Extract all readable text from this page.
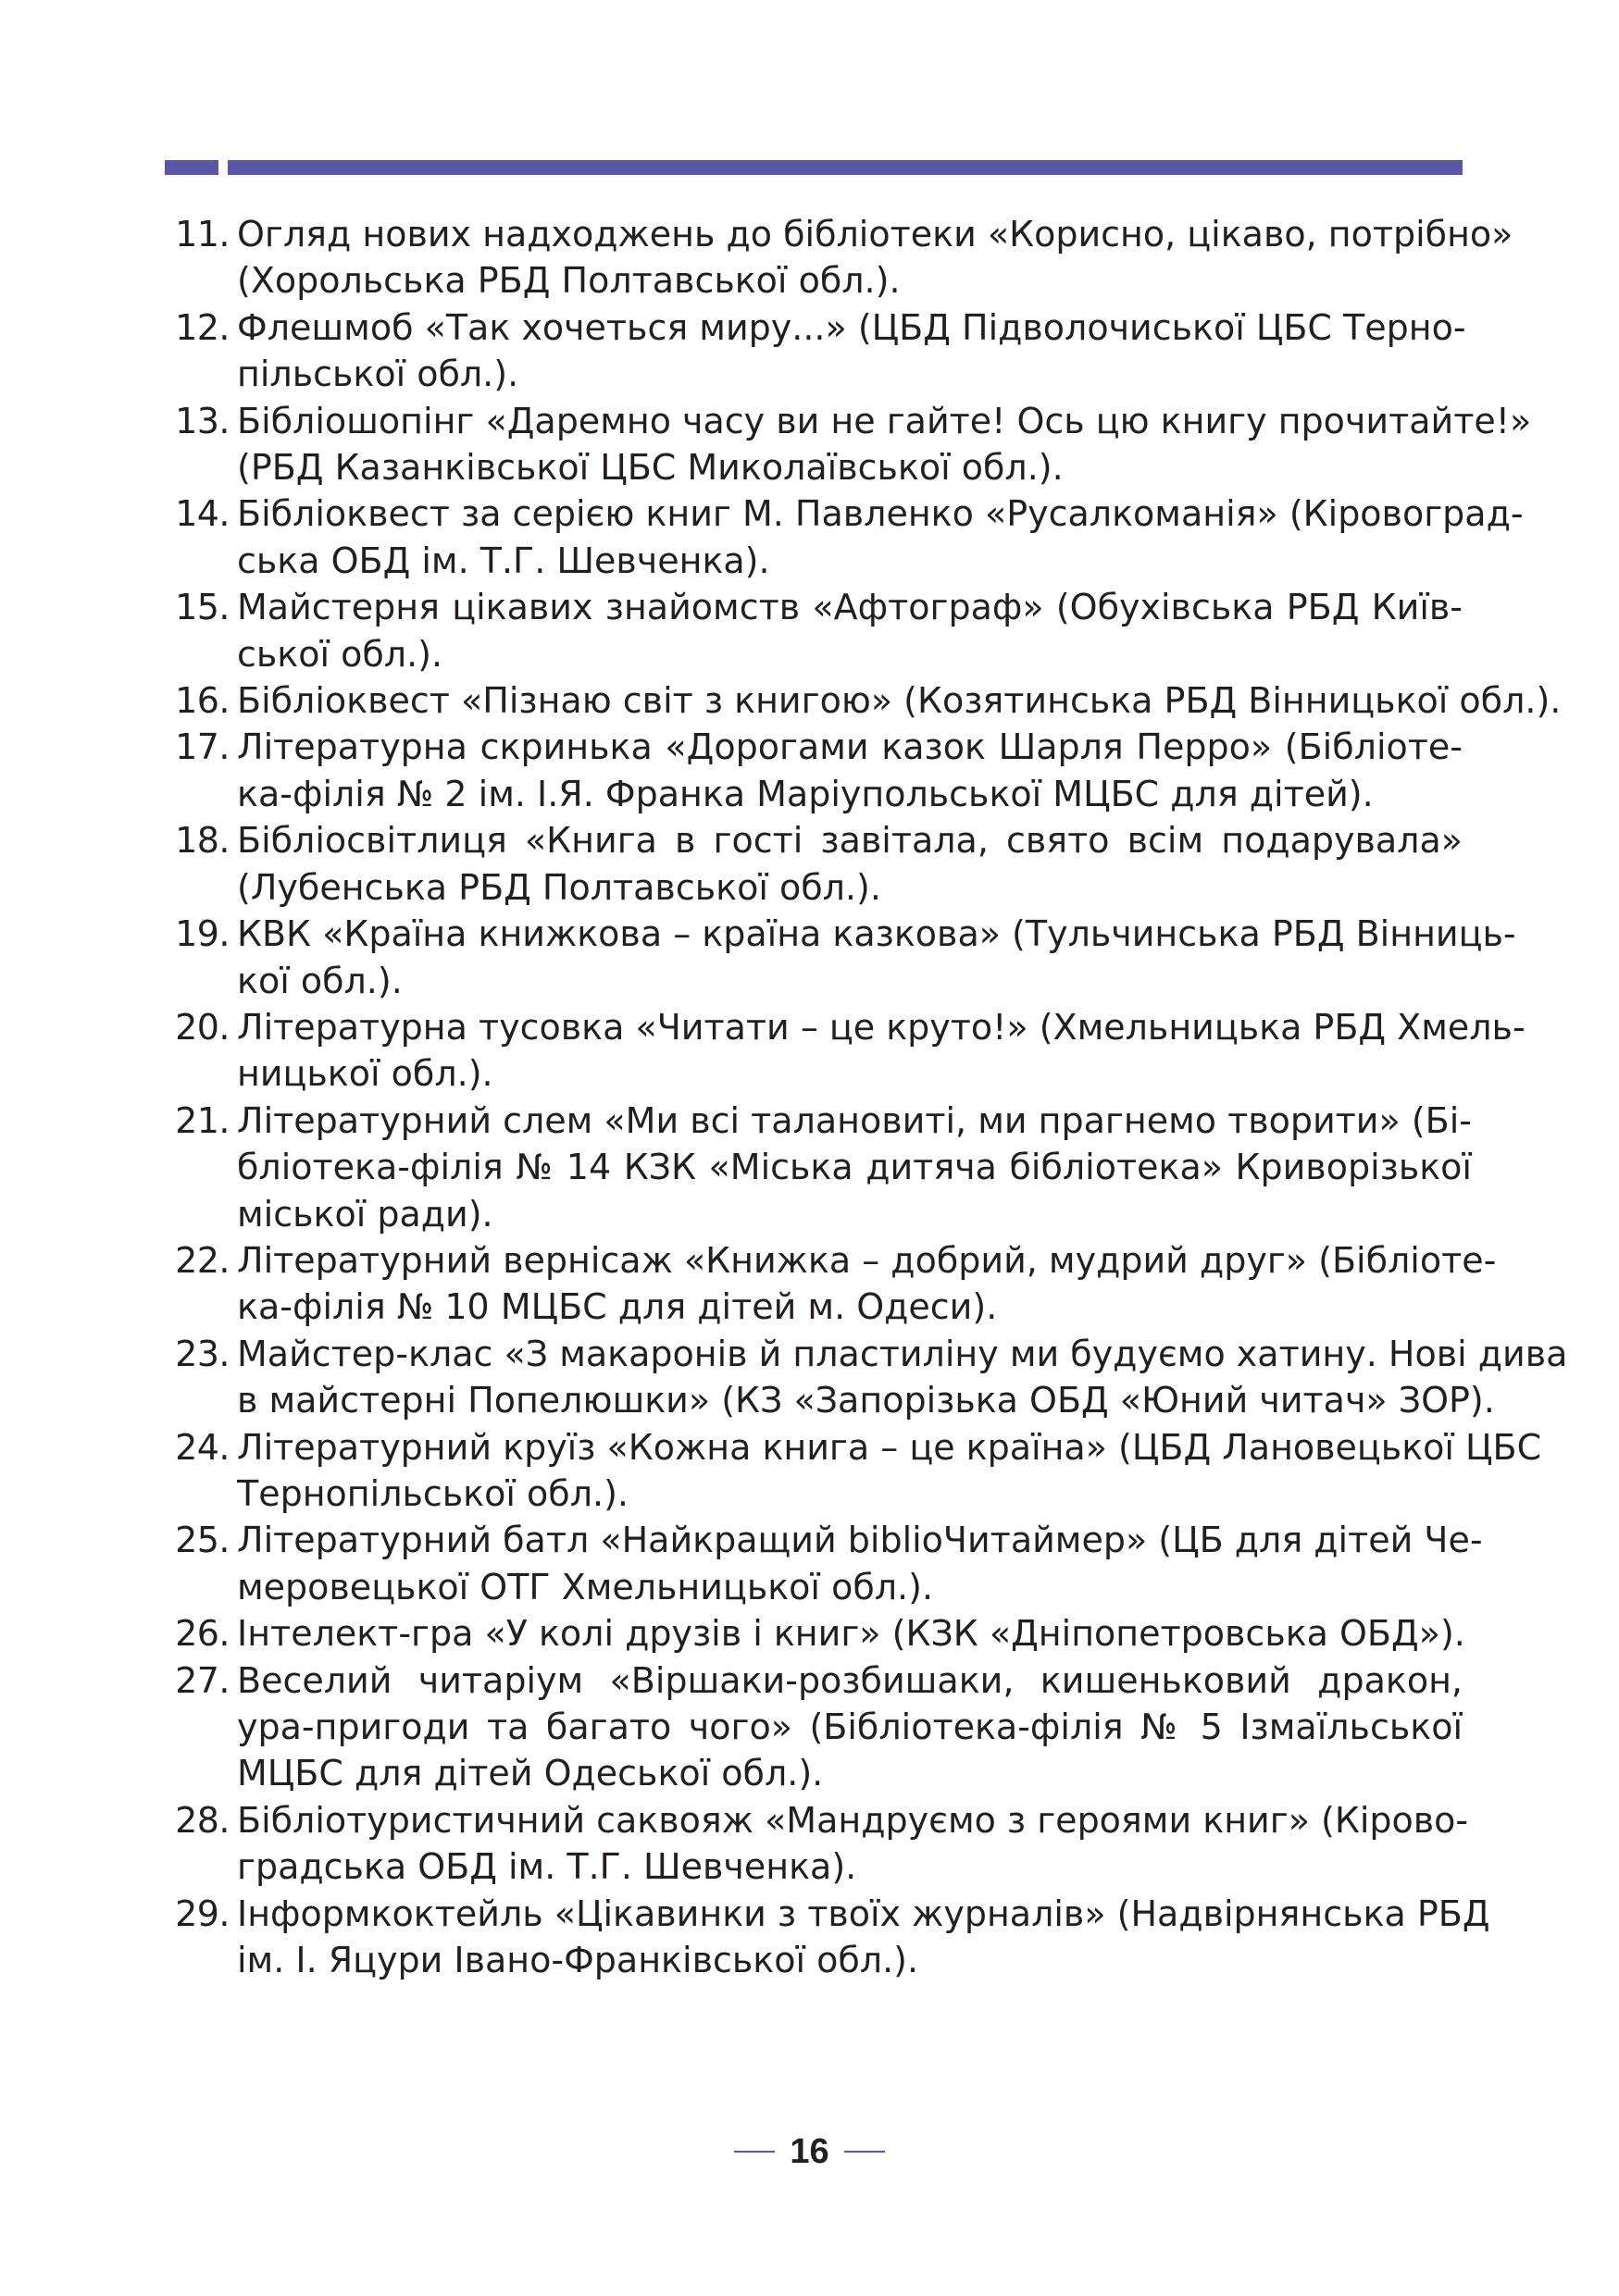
11. Огляд нових надходжень до бібліотеки «Корисно, цікаво, потрібно»
(Хорольська РБД Полтавської обл.).
12. Флешмоб «Так хочеться миру...» (ЦБД Підволочиської ЦБС Терно-
пільської обл.).
13. Бібліошопінг «Даремно часу ви не гайте! Ось цю книгу прочитайте!»
(РБД Казанківської ЦБС Миколаївської обл.).
14. Бібліоквест за серією книг М. Павленко «Русалкоманія» (Кіровоград-
ська ОБД ім. Т.Г. Шевченка).
15. Майстерня цікавих знайомств «Афтограф» (Обухівська РБД Київ-
ської обл.).
16. Бібліоквест «Пізнаю світ з книгою» (Козятинська РБД Вінницької обл.).
17. Літературна скринька «Дорогами казок Шарля Перро» (Бібліоте-
ка-філія № 2 ім. І.Я. Франка Маріупольської МЦБС для дітей).
18. Бібліосвітлиця «Книга в гості завітала, свято всім подарувала»
(Лубенська РБД Полтавської обл.).
19. КВК «Країна книжкова – країна казкова» (Тульчинська РБД Вінниць-
кої обл.).
20. Літературна тусовка «Читати – це круто!» (Хмельницька РБД Хмель-
ницької обл.).
21. Літературний слем «Ми всі талановиті, ми прагнемо творити» (Бі-
бліотека-філія № 14 КЗК «Міська дитяча бібліотека» Криворізької
міської ради).
22. Літературний вернісаж «Книжка – добрий, мудрий друг» (Бібліоте-
ка-філія № 10 МЦБС для дітей м. Одеси).
23. Майстер-клас «З макаронів й пластиліну ми будуємо хатину. Нові дива
в майстерні Попелюшки» (КЗ «Запорізька ОБД «Юний читач» ЗОР).
24. Літературний круїз «Кожна книга – це країна» (ЦБД Лановецької ЦБС
Тернопільської обл.).
25. Літературний батл «Найкращий bibliоЧитаймер» (ЦБ для дітей Че-
меровецької ОТГ Хмельницької обл.).
26. Інтелект-гра «У колі друзів і книг» (КЗК «Дніпопетровська ОБД»).
27. Веселий читаріум «Віршаки-розбишаки, кишеньковий дракон,
ура-пригоди та багато чого» (Бібліотека-філія № 5 Ізмаїльської
МЦБС для дітей Одеської обл.).
28. Бібліотуристичний саквояж «Мандруємо з героями книг» (Кірово-
градська ОБД ім. Т.Г. Шевченка).
29. Інформкоктейль «Цікавинки з твоїх журналів» (Надвірнянська РБД
ім. І. Яцури Івано-Франківської обл.).
16
